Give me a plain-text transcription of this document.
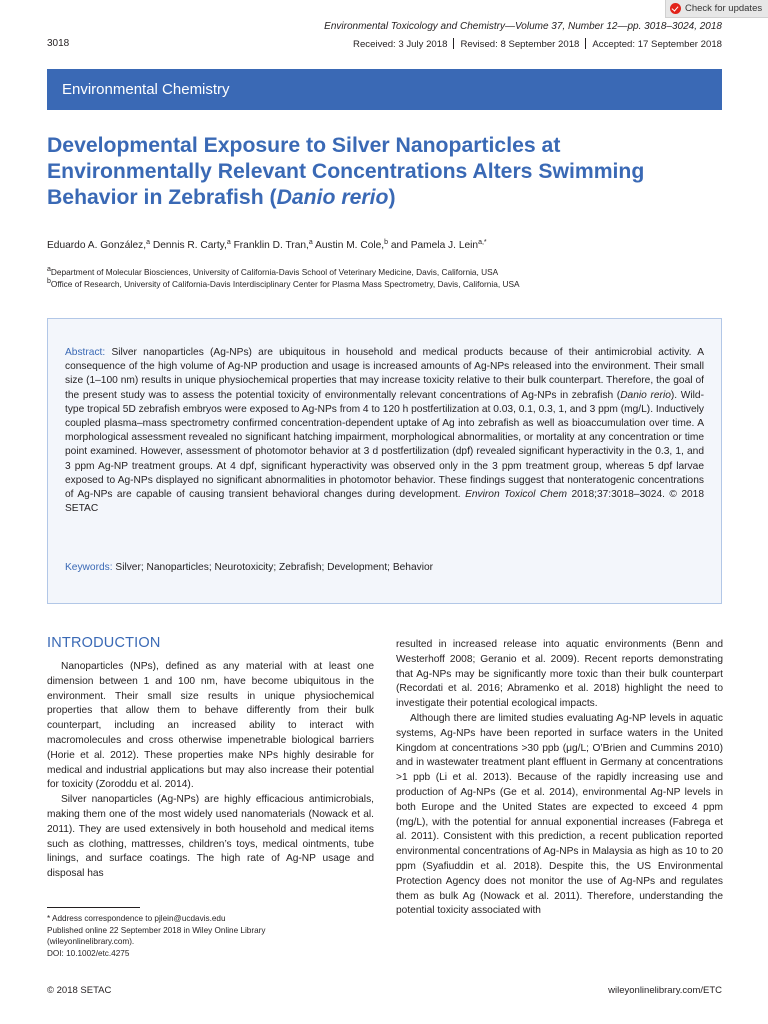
Check for updates
Environmental Toxicology and Chemistry—Volume 37, Number 12—pp. 3018–3024, 2018
3018	Received: 3 July 2018 Revised: 8 September 2018 Accepted: 17 September 2018
Environmental Chemistry
Developmental Exposure to Silver Nanoparticles at
Environmentally Relevant Concentrations Alters Swimming
Behavior in Zebrafish (Danio rerio)
Eduardo A. González,$^a$ Dennis R. Carty,$^a$ Franklin D. Tran,$^a$ Austin M. Cole,$^b$ and Pamela J. Lein$^{a,*}$
$^a$Department of Molecular Biosciences, University of California-Davis School of Veterinary Medicine, Davis, California, USA
$^b$Office of Research, University of California-Davis Interdisciplinary Center for Plasma Mass Spectrometry, Davis, California, USA

Abstract: Silver nanoparticles (Ag-NPs) are ubiquitous in household and medical products because of their antimicrobial activity. A consequence of the high volume of Ag-NP production and usage is increased amounts of Ag-NPs released into the environment. Their small size (1–100 nm) results in unique physiochemical properties that may increase toxicity relative to their bulk counterpart. Therefore, the goal of the present study was to assess the potential toxicity of environmentally relevant concentrations of Ag-NPs in zebrafish (Danio rerio). Wild-type tropical 5D zebrafish embryos were exposed to Ag-NPs from 4 to 120 h postfertilization at 0.03, 0.1, 0.3, 1, and 3 ppm (mg/L). Inductively coupled plasma–mass spectrometry confirmed concentration-dependent uptake of Ag into zebrafish as well as bioaccumulation over time. A morphological assessment revealed no significant hatching impairment, morphological abnormalities, or mortality at any concentration or time point examined. However, assessment of photomotor behavior at 3 d postfertilization (dpf) revealed significant hyperactivity in the 0.3, 1, and 3 ppm Ag-NP treatment groups. At 4 dpf, significant hyperactivity was observed only in the 3 ppm treatment group, whereas 5 dpf larvae exposed to Ag-NPs displayed no significant abnormalities in photomotor behavior. These findings suggest that nonteratogenic concentrations of Ag-NPs are capable of causing transient behavioral changes during development. Environ Toxicol Chem 2018;37:3018–3024. © 2018 SETAC

Keywords: Silver; Nanoparticles; Neurotoxicity; Zebrafish; Development; Behavior
INTRODUCTION

Nanoparticles (NPs), defined as any material with at least one dimension between 1 and 100 nm, have become ubiquitous in the environment. Their small size results in unique physiochemical properties that allow them to behave differently from their bulk counterpart, including an increased ability to interact with macromolecules and cross otherwise impenetrable biological barriers (Horie et al. 2012). These properties make NPs highly desirable for medical and industrial applications but may also increase their potential for toxicity (Zoroddu et al. 2014).

Silver nanoparticles (Ag-NPs) are highly efficacious antimicrobials, making them one of the most widely used nanomaterials (Nowack et al. 2011). They are used extensively in both household and medical items such as clothing, mattresses, children’s toys, medical ointments, tube linings, and surface coatings. The high rate of Ag-NP usage and disposal has

resulted in increased release into aquatic environments (Benn and Westerhoff 2008; Geranio et al. 2009). Recent reports demonstrating that Ag-NPs may be significantly more toxic than their bulk counterpart (Recordati et al. 2016; Abramenko et al. 2018) highlight the need to investigate their potential ecological impacts.

Although there are limited studies evaluating Ag-NP levels in aquatic systems, Ag-NPs have been reported in surface waters in the United Kingdom at concentrations >30 ppb (μg/L; O’Brien and Cummins 2010) and in wastewater treatment plant effluent in Germany at concentrations >1 ppb (Li et al. 2013). Because of the rapidly increasing use and production of Ag-NPs (Ge et al. 2014), environmental Ag-NP levels in both Europe and the United States are expected to exceed 4 ppm (mg/L), with the potential for annual exponential increases (Fabrega et al. 2011). Consistent with this prediction, a recent publication reported environmental concentrations of Ag-NPs in Malaysia as high as 10 to 20 ppm (Syafiuddin et al. 2018). Despite this, the US Environmental Protection Agency does not monitor the use of Ag-NPs and regulates them as bulk Ag (Nowack et al. 2011). Therefore, understanding the potential toxicity associated with

* Address correspondence to pjlein@ucdavis.edu
Published online 22 September 2018 in Wiley Online Library
(wileyonlinelibrary.com).
DOI: 10.1002/etc.4275
© 2018 SETAC	wileyonlinelibrary.com/ETC
